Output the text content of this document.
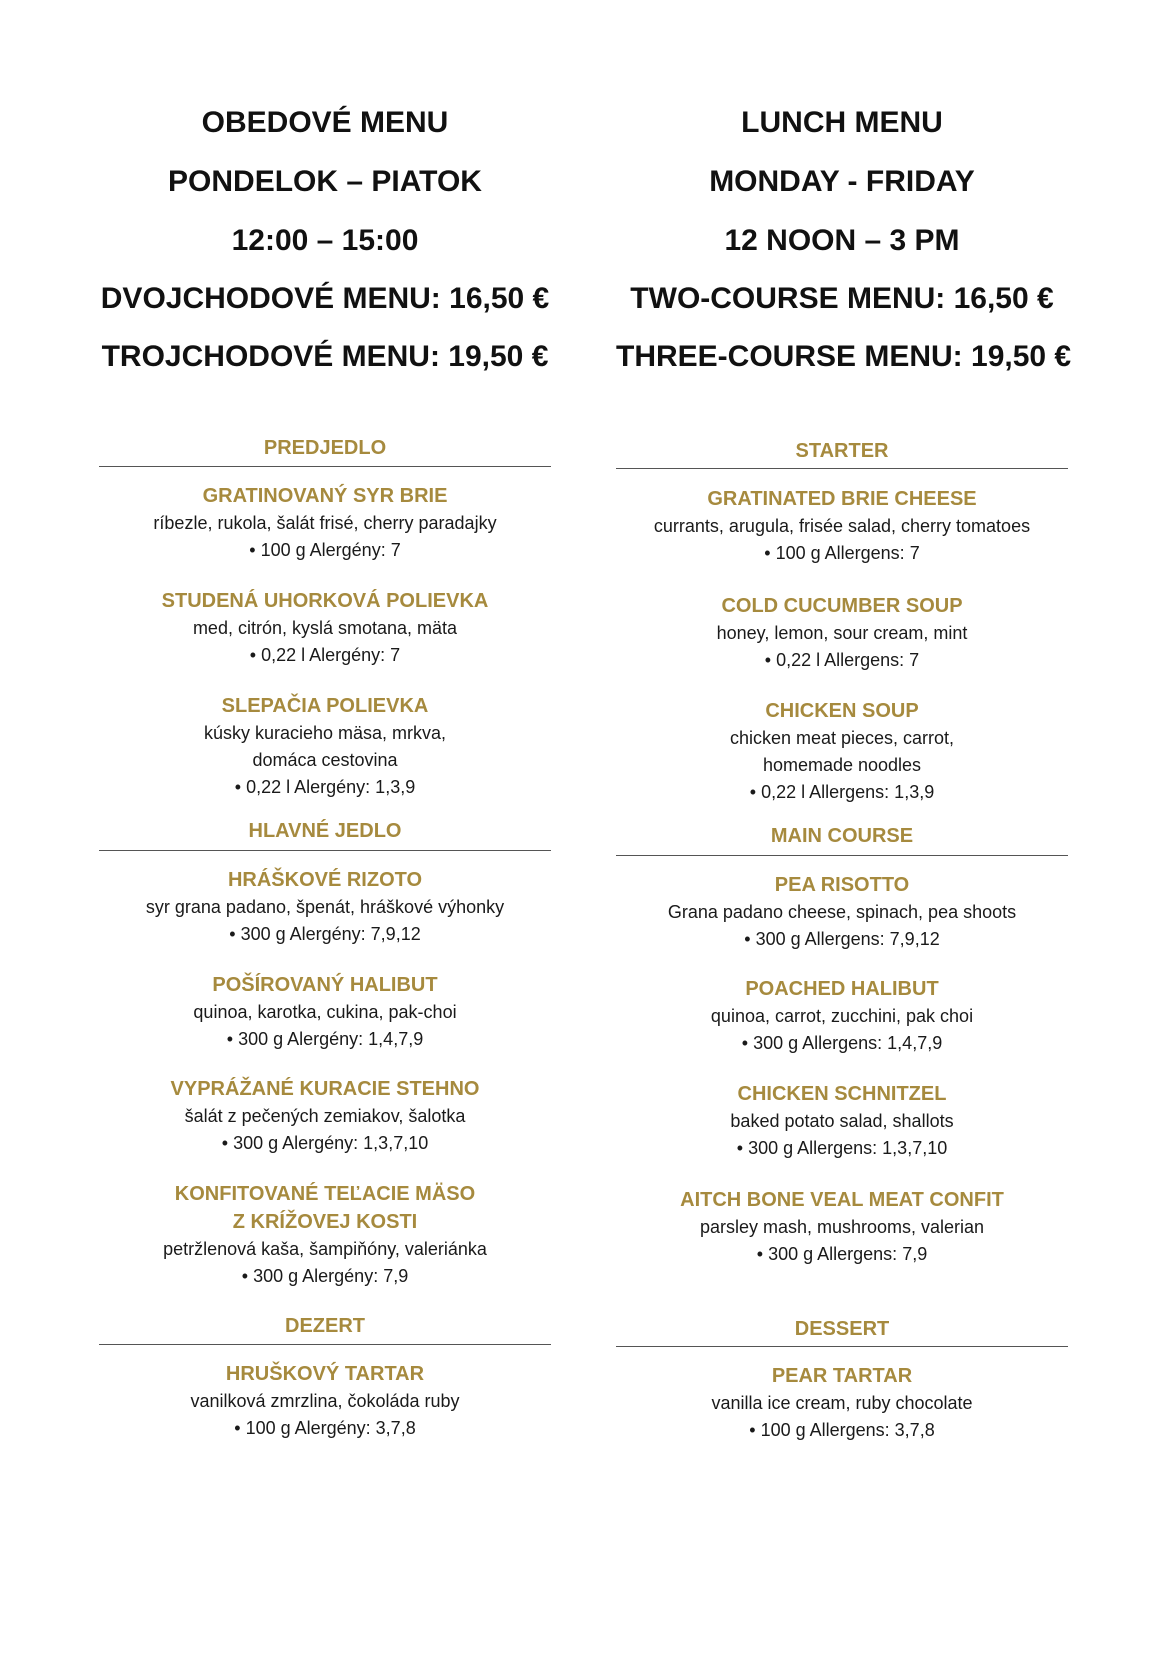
OBEDOVÉ MENU
PONDELOK – PIATOK
12:00 – 15:00
DVOJCHODOVÉ MENU: 16,50 €
TROJCHODOVÉ MENU: 19,50 €
PREDJEDLO
GRATINOVANÝ SYR BRIE
ríbezle, rukola, šalát frisé, cherry paradajky
• 100 g Alergény: 7
STUDENÁ UHORKOVÁ POLIEVKA
med, citrón, kyslá smotana, mäta
• 0,22 l Alergény: 7
SLEPAČIA POLIEVKA
kúsky kuracieho mäsa, mrkva,
domáca cestovina
• 0,22 l Alergény: 1,3,9
HLAVNÉ JEDLO
HRÁŠKOVÉ RIZOTO
syr grana padano, špenát, hráškové výhonky
• 300 g Alergény: 7,9,12
POŠÍROVANÝ HALIBUT
quinoa, karotka, cukina, pak-choi
• 300 g Alergény: 1,4,7,9
VYPRÁŽANÉ KURACIE STEHNO
šalát z pečených zemiakov, šalotka
• 300 g Alergény: 1,3,7,10
KONFITOVANÉ TEĽACIE MÄSO
Z KRÍŽOVEJ KOSTI
petržlenová kaša, šampiňóny, valeriánka
• 300 g Alergény: 7,9
DEZERT
HRUŠKOVÝ TARTAR
vanilková zmrzlina, čokoláda ruby
• 100 g Alergény: 3,7,8
LUNCH MENU
MONDAY - FRIDAY
12 NOON – 3 PM
TWO-COURSE MENU: 16,50 €
THREE-COURSE MENU: 19,50 €
STARTER
GRATINATED BRIE CHEESE
currants, arugula, frisée salad, cherry tomatoes
• 100 g Allergens: 7
COLD CUCUMBER SOUP
honey, lemon, sour cream, mint
• 0,22 l Allergens: 7
CHICKEN SOUP
chicken meat pieces, carrot,
homemade noodles
• 0,22 l Allergens: 1,3,9
MAIN COURSE
PEA RISOTTO
Grana padano cheese, spinach, pea shoots
• 300 g Allergens: 7,9,12
POACHED HALIBUT
quinoa, carrot, zucchini, pak choi
• 300 g Allergens: 1,4,7,9
CHICKEN SCHNITZEL
baked potato salad, shallots
• 300 g Allergens: 1,3,7,10
AITCH BONE VEAL MEAT CONFIT
parsley mash, mushrooms, valerian
• 300 g Allergens: 7,9
DESSERT
PEAR TARTAR
vanilla ice cream, ruby chocolate
• 100 g Allergens: 3,7,8
